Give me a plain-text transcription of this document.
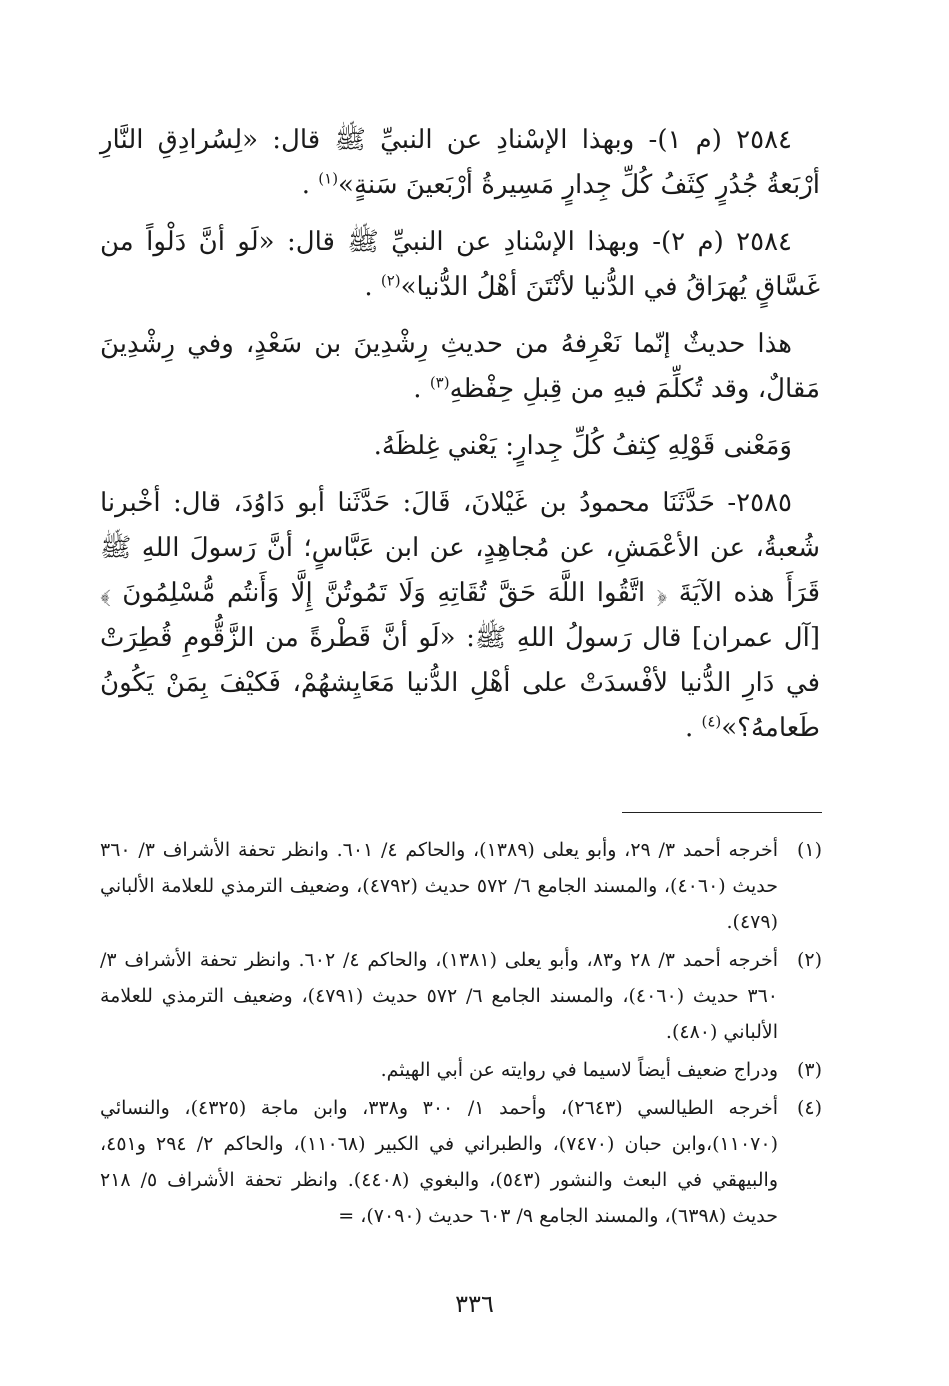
٢٥٨٤ (م ١)- وبهذا الإسْنادِ عن النبيِّ ﷺ قال: «لِسُرادِقِ النَّارِ أرْبَعةُ جُدُرٍ كِثَفُ كُلِّ جِدارٍ مَسِيرةُ أرْبَعينَ سَنةٍ»$^{(١)}$ .

٢٥٨٤ (م ٢)- وبهذا الإسْنادِ عن النبيِّ ﷺ قال: «لَو أنَّ دَلْواً من غَسَّاقٍ يُهرَاقُ في الدُّنيا لأنْتَنَ أهْلُ الدُّنيا»$^{(٢)}$ .

هذا حديثٌ إنّما نَعْرِفهُ من حديثِ رِشْدِينَ بن سَعْدٍ، وفي رِشْدِينَ مَقالٌ، وقد تُكلِّمَ فيهِ من قِبلِ حِفْظهِ$^{(٣)}$ .

وَمَعْنى قَوْلِهِ كِثفُ كُلِّ جِدارٍ: يَعْني غِلظَهُ.

٢٥٨٥- حَدَّثَنَا محمودُ بن غَيْلانَ، قَالَ: حَدَّثَنا أبو دَاوُدَ، قال: أخْبرنا شُعبةُ، عن الأعْمَشِ، عن مُجاهِدٍ، عن ابن عَبَّاسٍ؛ أنَّ رَسولَ اللهِ ﷺ قَرَأَ هذه الآيَةَ ﴿ اتَّقُوا اللَّهَ حَقَّ تُقَاتِهِ وَلَا تَمُوتُنَّ إِلَّا وَأَنتُم مُّسْلِمُونَ ﴾ [آل عمران] قال رَسولُ اللهِ ﷺ: «لَو أنَّ قَطْرةً من الزَّقُّومِ قُطِرَتْ في دَارِ الدُّنيا لأفْسدَتْ على أهْلِ الدُّنيا مَعَايِشهُمْ، فَكيْفَ بِمَنْ يَكُونُ طَعامهُ؟»$^{(٤)}$ .

(١)
أخرجه أحمد ٣/ ٢٩، وأبو يعلى (١٣٨٩)، والحاكم ٤/ ٦٠١. وانظر تحفة الأشراف ٣/ ٣٦٠ حديث (٤٠٦٠)، والمسند الجامع ٦/ ٥٧٢ حديث (٤٧٩٢)، وضعيف الترمذي للعلامة الألباني (٤٧٩).
(٢)
أخرجه أحمد ٣/ ٢٨ و٨٣، وأبو يعلى (١٣٨١)، والحاكم ٤/ ٦٠٢. وانظر تحفة الأشراف ٣/ ٣٦٠ حديث (٤٠٦٠)، والمسند الجامع ٦/ ٥٧٢ حديث (٤٧٩١)، وضعيف الترمذي للعلامة الألباني (٤٨٠).
(٣)
ودراج ضعيف أيضاً لاسيما في روايته عن أبي الهيثم.
(٤)
أخرجه الطيالسي (٢٦٤٣)، وأحمد ١/ ٣٠٠ و٣٣٨، وابن ماجة (٤٣٢٥)، والنسائي (١١٠٧٠)،وابن حبان (٧٤٧٠)، والطبراني في الكبير (١١٠٦٨)، والحاكم ٢/ ٢٩٤ و٤٥١، والبيهقي في البعث والنشور (٥٤٣)، والبغوي (٤٤٠٨). وانظر تحفة الأشراف ٥/ ٢١٨ حديث (٦٣٩٨)، والمسند الجامع ٩/ ٦٠٣ حديث (٧٠٩٠)، =
٣٣٦
